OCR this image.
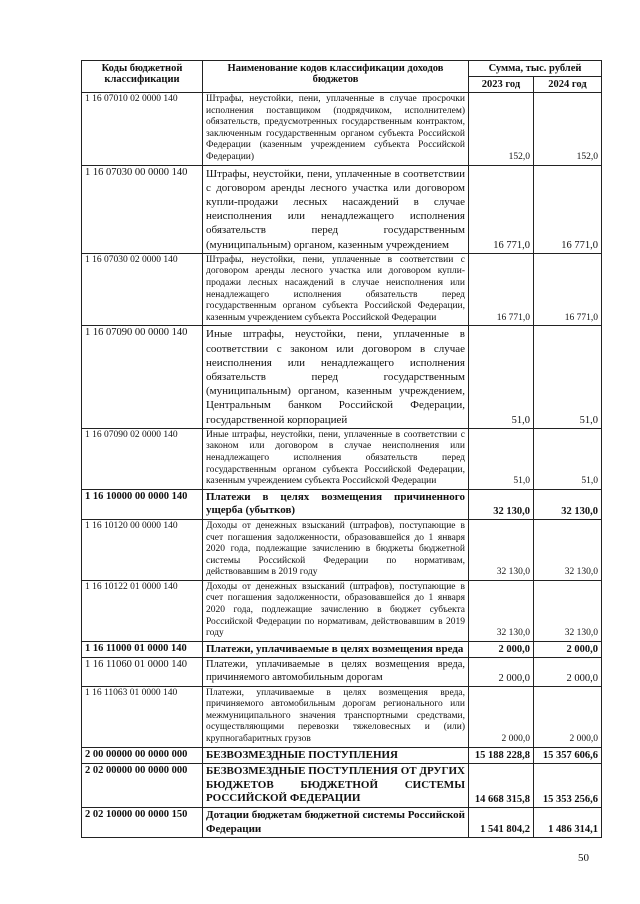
Коды бюджетной классификации	Наименование кодов классификации доходов бюджетов	Сумма, тыс. рублей	
		2023 год	2024 год
1 16 07010 02 0000 140	Штрафы, неустойки, пени, уплаченные в случае просрочки исполнения поставщиком (подрядчиком, исполнителем) обязательств, предусмотренных государственным контрактом, заключенным государственным органом субъекта Российской Федерации (казенным учреждением субъекта Российской Федерации)	152,0	152,0
1 16 07030 00 0000 140	Штрафы, неустойки, пени, уплаченные в соответствии с договором аренды лесного участка или договором купли-продажи лесных насаждений в случае неисполнения или ненадлежащего исполнения обязательств перед государственным (муниципальным) органом, казенным учреждением	16 771,0	16 771,0
1 16 07030 02 0000 140	Штрафы, неустойки, пени, уплаченные в соответствии с договором аренды лесного участка или договором купли-продажи лесных насаждений в случае неисполнения или ненадлежащего исполнения обязательств перед государственным органом субъекта Российской Федерации, казенным учреждением субъекта Российской Федерации	16 771,0	16 771,0
1 16 07090 00 0000 140	Иные штрафы, неустойки, пени, уплаченные в соответствии с законом или договором в случае неисполнения или ненадлежащего исполнения обязательств перед государственным (муниципальным) органом, казенным учреждением, Центральным банком Российской Федерации, государственной корпорацией	51,0	51,0
1 16 07090 02 0000 140	Иные штрафы, неустойки, пени, уплаченные в соответствии с законом или договором в случае неисполнения или ненадлежащего исполнения обязательств перед государственным органом субъекта Российской Федерации, казенным учреждением субъекта Российской Федерации	51,0	51,0
1 16 10000 00 0000 140	Платежи в целях возмещения причиненного ущерба (убытков)	32 130,0	32 130,0
1 16 10120 00 0000 140	Доходы от денежных взысканий (штрафов), поступающие в счет погашения задолженности, образовавшейся до 1 января 2020 года, подлежащие зачислению в бюджеты бюджетной системы Российской Федерации по нормативам, действовавшим в 2019 году	32 130,0	32 130,0
1 16 10122 01 0000 140	Доходы от денежных взысканий (штрафов), поступающие в счет погашения задолженности, образовавшейся до 1 января 2020 года, подлежащие зачислению в бюджет субъекта Российской Федерации по нормативам, действовавшим в 2019 году	32 130,0	32 130,0
1 16 11000 01 0000 140	Платежи, уплачиваемые в целях возмещения вреда	2 000,0	2 000,0
1 16 11060 01 0000 140	Платежи, уплачиваемые в целях возмещения вреда, причиняемого автомобильным дорогам	2 000,0	2 000,0
1 16 11063 01 0000 140	Платежи, уплачиваемые в целях возмещения вреда, причиняемого автомобильным дорогам регионального или межмуниципального значения транспортными средствами, осуществляющими перевозки тяжеловесных и (или) крупногабаритных грузов	2 000,0	2 000,0
2 00 00000 00 0000 000	БЕЗВОЗМЕЗДНЫЕ ПОСТУПЛЕНИЯ	15 188 228,8	15 357 606,6
2 02 00000 00 0000 000	БЕЗВОЗМЕЗДНЫЕ ПОСТУПЛЕНИЯ ОТ ДРУГИХ БЮДЖЕТОВ БЮДЖЕТНОЙ СИСТЕМЫ РОССИЙСКОЙ ФЕДЕРАЦИИ	14 668 315,8	15 353 256,6
2 02 10000 00 0000 150	Дотации бюджетам бюджетной системы Российской Федерации	1 541 804,2	1 486 314,1
50
